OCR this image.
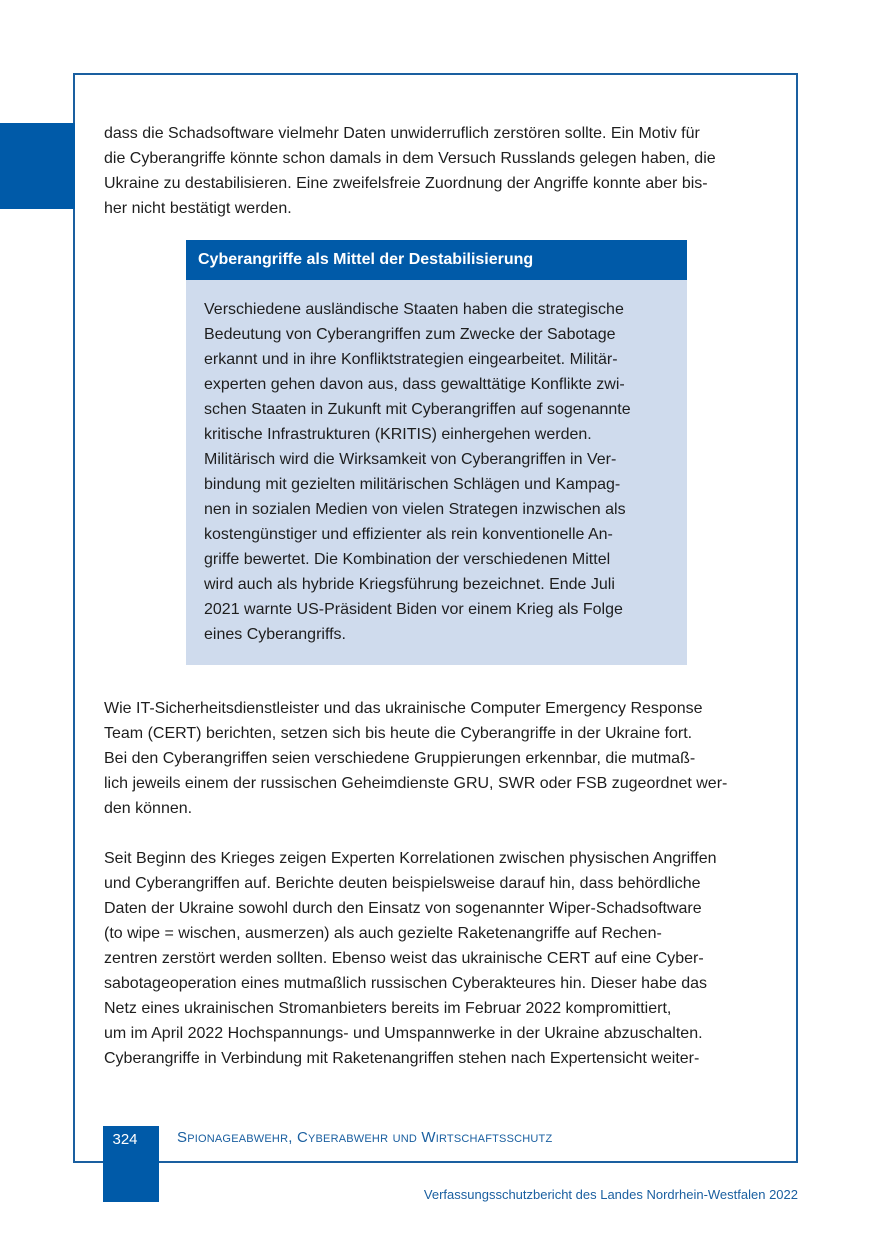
dass die Schadsoftware vielmehr Daten unwiderruflich zerstören sollte. Ein Motiv für
die Cyberangriffe könnte schon damals in dem Versuch Russlands gelegen haben, die
Ukraine zu destabilisieren. Eine zweifelsfreie Zuordnung der Angriffe konnte aber bis-
her nicht bestätigt werden.

Cyberangriffe als Mittel der Destabilisierung

Verschiedene ausländische Staaten haben die strategische
Bedeutung von Cyberangriffen zum Zwecke der Sabotage
erkannt und in ihre Konfliktstrategien eingearbeitet. Militär-
experten gehen davon aus, dass gewalttätige Konflikte zwi-
schen Staaten in Zukunft mit Cyberangriffen auf sogenannte
kritische Infrastrukturen (KRITIS) einhergehen werden.
Militärisch wird die Wirksamkeit von Cyberangriffen in Ver-
bindung mit gezielten militärischen Schlägen und Kampag-
nen in sozialen Medien von vielen Strategen inzwischen als
kostengünstiger und effizienter als rein konventionelle An-
griffe bewertet. Die Kombination der verschiedenen Mittel
wird auch als hybride Kriegsführung bezeichnet. Ende Juli
2021 warnte US-Präsident Biden vor einem Krieg als Folge
eines Cyberangriffs.

Wie IT-Sicherheitsdienstleister und das ukrainische Computer Emergency Response
Team (CERT) berichten, setzen sich bis heute die Cyberangriffe in der Ukraine fort.
Bei den Cyberangriffen seien verschiedene Gruppierungen erkennbar, die mutmaß-
lich jeweils einem der russischen Geheimdienste GRU, SWR oder FSB zugeordnet wer-
den können.

Seit Beginn des Krieges zeigen Experten Korrelationen zwischen physischen Angriffen
und Cyberangriffen auf. Berichte deuten beispielsweise darauf hin, dass behördliche
Daten der Ukraine sowohl durch den Einsatz von sogenannter Wiper-Schadsoftware
(to wipe = wischen, ausmerzen) als auch gezielte Raketenangriffe auf Rechen-
zentren zerstört werden sollten. Ebenso weist das ukrainische CERT auf eine Cyber-
sabotageoperation eines mutmaßlich russischen Cyberakteures hin. Dieser habe das
Netz eines ukrainischen Stromanbieters bereits im Februar 2022 kompromittiert,
um im April 2022 Hochspannungs- und Umspannwerke in der Ukraine abzuschalten.
Cyberangriffe in Verbindung mit Raketenangriffen stehen nach Expertensicht weiter-

324	Spionageabwehr, Cyberabwehr und Wirtschaftsschutz
Verfassungsschutzbericht des Landes Nordrhein-Westfalen 2022
